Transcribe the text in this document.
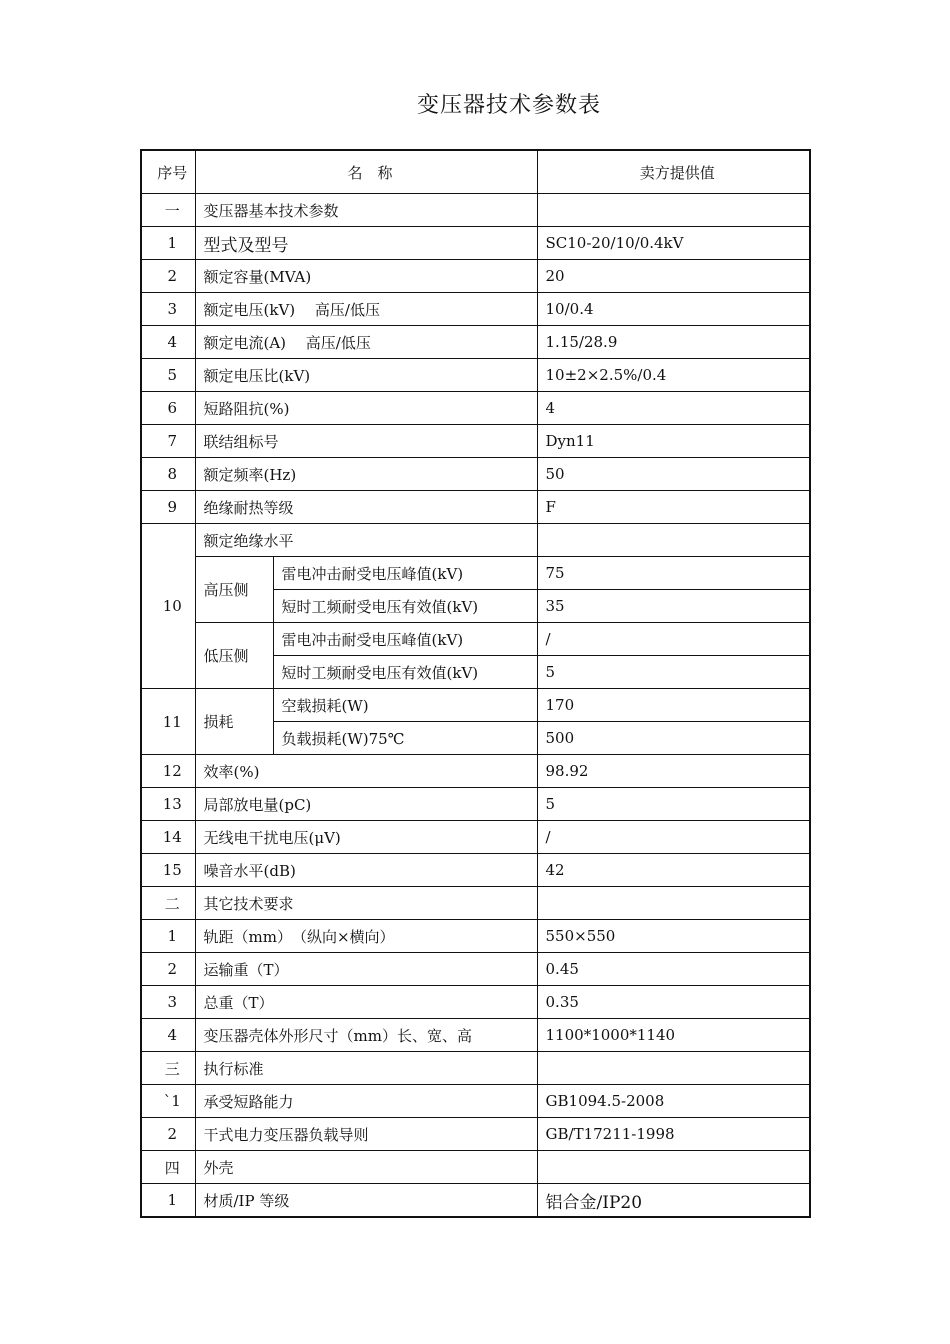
变压器技术参数表
序号	名　称		卖方提供值
一	变压器基本技术参数		
1	型式及型号		SC10-20/10/0.4kV
2	额定容量(MVA)		20
3	额定电压(kV)　 高压/低压		10/0.4
4	额定电流(A)　 高压/低压		1.15/28.9
5	额定电压比(kV)		10±2×2.5%/0.4
6	短路阻抗(%)		4
7	联结组标号		Dyn11
8	额定频率(Hz)		50
9	绝缘耐热等级		F
10	额定绝缘水平		
	高压侧	雷电冲击耐受电压峰值(kV)	75
		短时工频耐受电压有效值(kV)	35
	低压侧	雷电冲击耐受电压峰值(kV)	/
		短时工频耐受电压有效值(kV)	5
11	损耗	空载损耗(W)	170
		负载损耗(W)75℃	500
12	效率(%)		98.92
13	局部放电量(pC)		5
14	无线电干扰电压(μV)		/
15	噪音水平(dB)		42
二	其它技术要求		
1	轨距（mm）　（纵向×横向）		550×550
2	运输重（T）		0.45
3	总重（T）		0.35
4	变压器壳体外形尺寸（mm）长、宽、高		1100*1000*1140
三	执行标准		
`1	承受短路能力		GB1094.5-2008
2	干式电力变压器负载导则		GB/T17211-1998
四	外壳		
1	材质/IP 等级		铝合金/IP20
